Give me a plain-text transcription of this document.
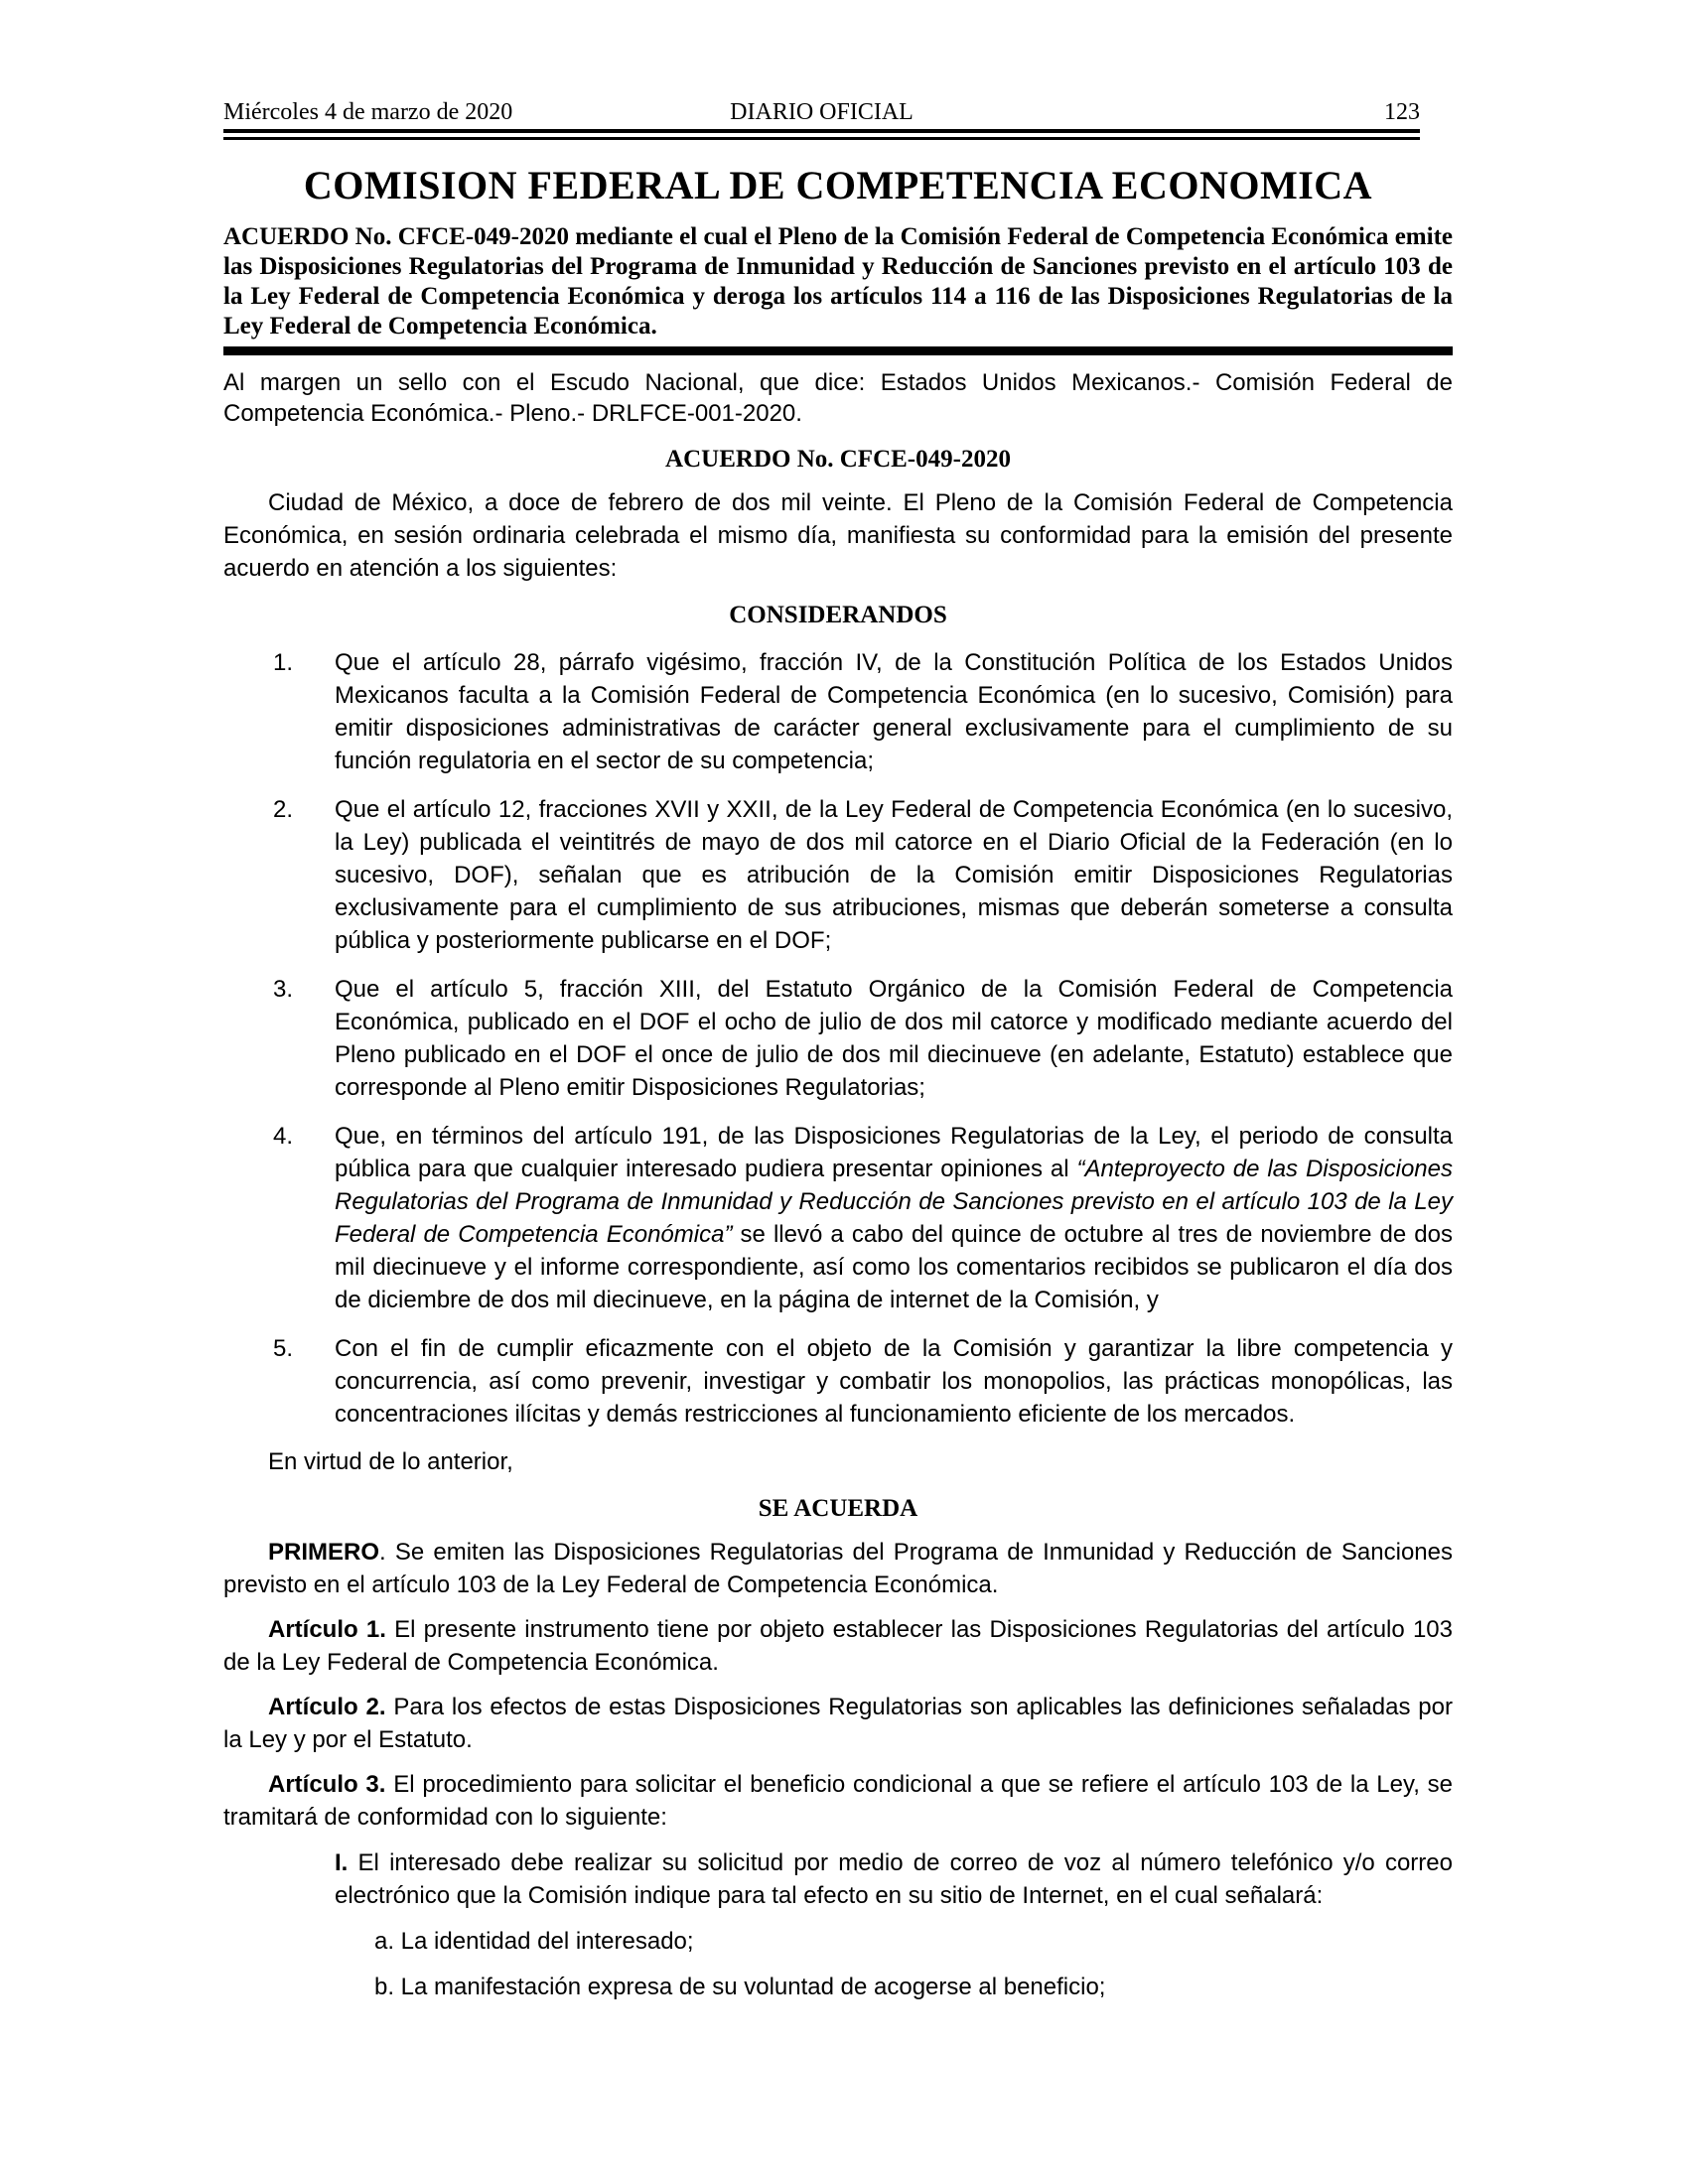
Miércoles 4 de marzo de 2020	DIARIO OFICIAL	123
COMISION FEDERAL DE COMPETENCIA ECONOMICA

ACUERDO No. CFCE-049-2020 mediante el cual el Pleno de la Comisión Federal de Competencia Económica emite las Disposiciones Regulatorias del Programa de Inmunidad y Reducción de Sanciones previsto en el artículo 103 de la Ley Federal de Competencia Económica y deroga los artículos 114 a 116 de las Disposiciones Regulatorias de la Ley Federal de Competencia Económica.

Al margen un sello con el Escudo Nacional, que dice: Estados Unidos Mexicanos.- Comisión Federal de Competencia Económica.- Pleno.- DRLFCE-001-2020.

ACUERDO No. CFCE-049-2020

Ciudad de México, a doce de febrero de dos mil veinte. El Pleno de la Comisión Federal de Competencia Económica, en sesión ordinaria celebrada el mismo día, manifiesta su conformidad para la emisión del presente acuerdo en atención a los siguientes:

CONSIDERANDOS
1.	Que el artículo 28, párrafo vigésimo, fracción IV, de la Constitución Política de los Estados Unidos Mexicanos faculta a la Comisión Federal de Competencia Económica (en lo sucesivo, Comisión) para emitir disposiciones administrativas de carácter general exclusivamente para el cumplimiento de su función regulatoria en el sector de su competencia;

2.	Que el artículo 12, fracciones XVII y XXII, de la Ley Federal de Competencia Económica (en lo sucesivo, la Ley) publicada el veintitrés de mayo de dos mil catorce en el Diario Oficial de la Federación (en lo sucesivo, DOF), señalan que es atribución de la Comisión emitir Disposiciones Regulatorias exclusivamente para el cumplimiento de sus atribuciones, mismas que deberán someterse a consulta pública y posteriormente publicarse en el DOF;

3.	Que el artículo 5, fracción XIII, del Estatuto Orgánico de la Comisión Federal de Competencia Económica, publicado en el DOF el ocho de julio de dos mil catorce y modificado mediante acuerdo del Pleno publicado en el DOF el once de julio de dos mil diecinueve (en adelante, Estatuto) establece que corresponde al Pleno emitir Disposiciones Regulatorias;

4.	Que, en términos del artículo 191, de las Disposiciones Regulatorias de la Ley, el periodo de consulta pública para que cualquier interesado pudiera presentar opiniones al “Anteproyecto de las Disposiciones Regulatorias del Programa de Inmunidad y Reducción de Sanciones previsto en el artículo 103 de la Ley Federal de Competencia Económica” se llevó a cabo del quince de octubre al tres de noviembre de dos mil diecinueve y el informe correspondiente, así como los comentarios recibidos se publicaron el día dos de diciembre de dos mil diecinueve, en la página de internet de la Comisión, y

5.	Con el fin de cumplir eficazmente con el objeto de la Comisión y garantizar la libre competencia y concurrencia, así como prevenir, investigar y combatir los monopolios, las prácticas monopólicas, las concentraciones ilícitas y demás restricciones al funcionamiento eficiente de los mercados.

En virtud de lo anterior,

SE ACUERDA

PRIMERO. Se emiten las Disposiciones Regulatorias del Programa de Inmunidad y Reducción de Sanciones previsto en el artículo 103 de la Ley Federal de Competencia Económica.

Artículo 1. El presente instrumento tiene por objeto establecer las Disposiciones Regulatorias del artículo 103 de la Ley Federal de Competencia Económica.

Artículo 2. Para los efectos de estas Disposiciones Regulatorias son aplicables las definiciones señaladas por la Ley y por el Estatuto.

Artículo 3. El procedimiento para solicitar el beneficio condicional a que se refiere el artículo 103 de la Ley, se tramitará de conformidad con lo siguiente:

I. El interesado debe realizar su solicitud por medio de correo de voz al número telefónico y/o correo electrónico que la Comisión indique para tal efecto en su sitio de Internet, en el cual señalará:

a. La identidad del interesado;

b. La manifestación expresa de su voluntad de acogerse al beneficio;
